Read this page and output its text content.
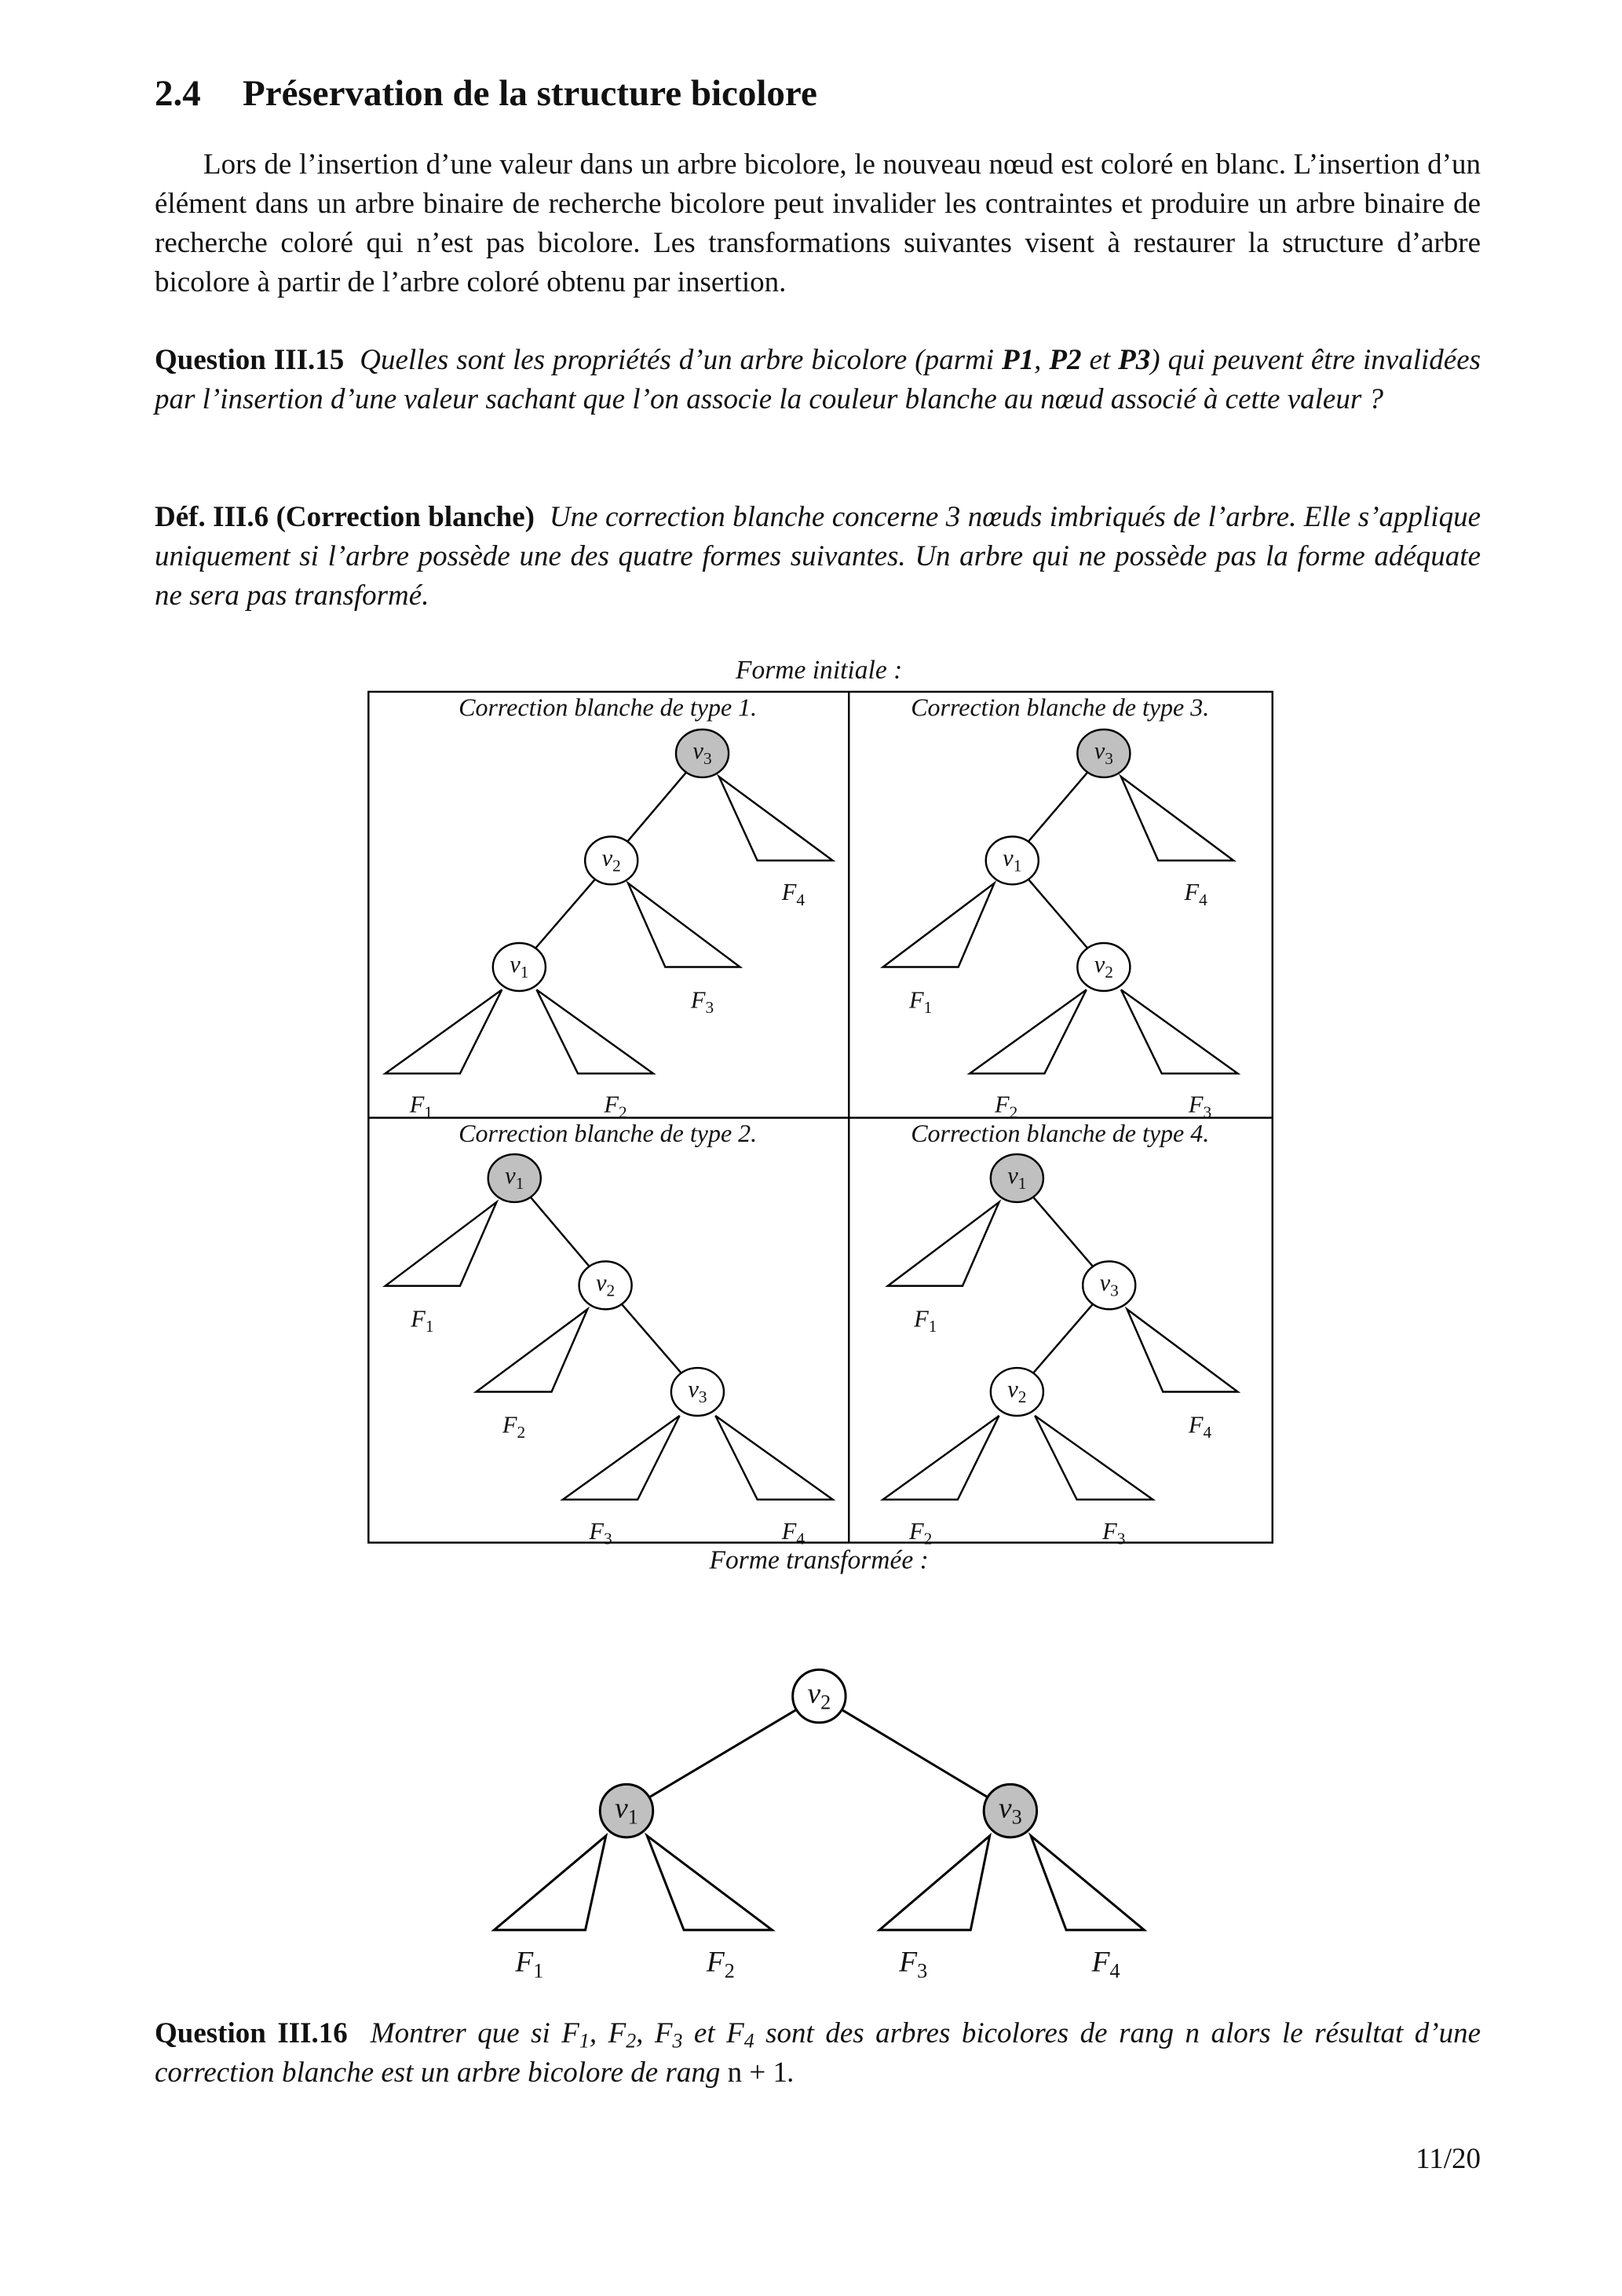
2.4 Préservation de la structure bicolore
Lors de l’insertion d’une valeur dans un arbre bicolore, le nouveau nœud est coloré en blanc. L’insertion d’un élément dans un arbre binaire de recherche bicolore peut invalider les contraintes et produire un arbre binaire de recherche coloré qui n’est pas bicolore. Les transformations suivantes visent à restaurer la structure d’arbre bicolore à partir de l’arbre coloré obtenu par insertion.
Question III.15 Quelles sont les propriétés d’un arbre bicolore (parmi P1, P2 et P3) qui peuvent être invalidées par l’insertion d’une valeur sachant que l’on associe la couleur blanche au nœud associé à cette valeur ?
Déf. III.6 (Correction blanche) Une correction blanche concerne 3 nœuds imbriqués de l’arbre. Elle s’applique uniquement si l’arbre possède une des quatre formes suivantes. Un arbre qui ne possède pas la forme adéquate ne sera pas transformé.
Forme initiale :
Correction blanche de type 1.
$v_3$
$v_2$
$v_1$
$F_4$
$F_3$
$F_1$	$F_2$
Correction blanche de type 3.
$v_3$
$v_1$
$v_2$
$F_4$
$F_1$
$F_2$	$F_3$
Correction blanche de type 2.
$v_1$
$v_2$
$v_3$
$F_1$
$F_2$
$F_3$	$F_4$
Correction blanche de type 4.
$v_1$
$v_3$
$v_2$
$F_1$
$F_4$
$F_2$	$F_3$
Forme transformée :
$v_2$
$v_1$	$v_3$
$F_1$	$F_2$	$F_3$	$F_4$
Question III.16 Montrer que si $F_1$, $F_2$, $F_3$ et $F_4$ sont des arbres bicolores de rang n alors le résultat d’une correction blanche est un arbre bicolore de rang n + 1.
11/20
